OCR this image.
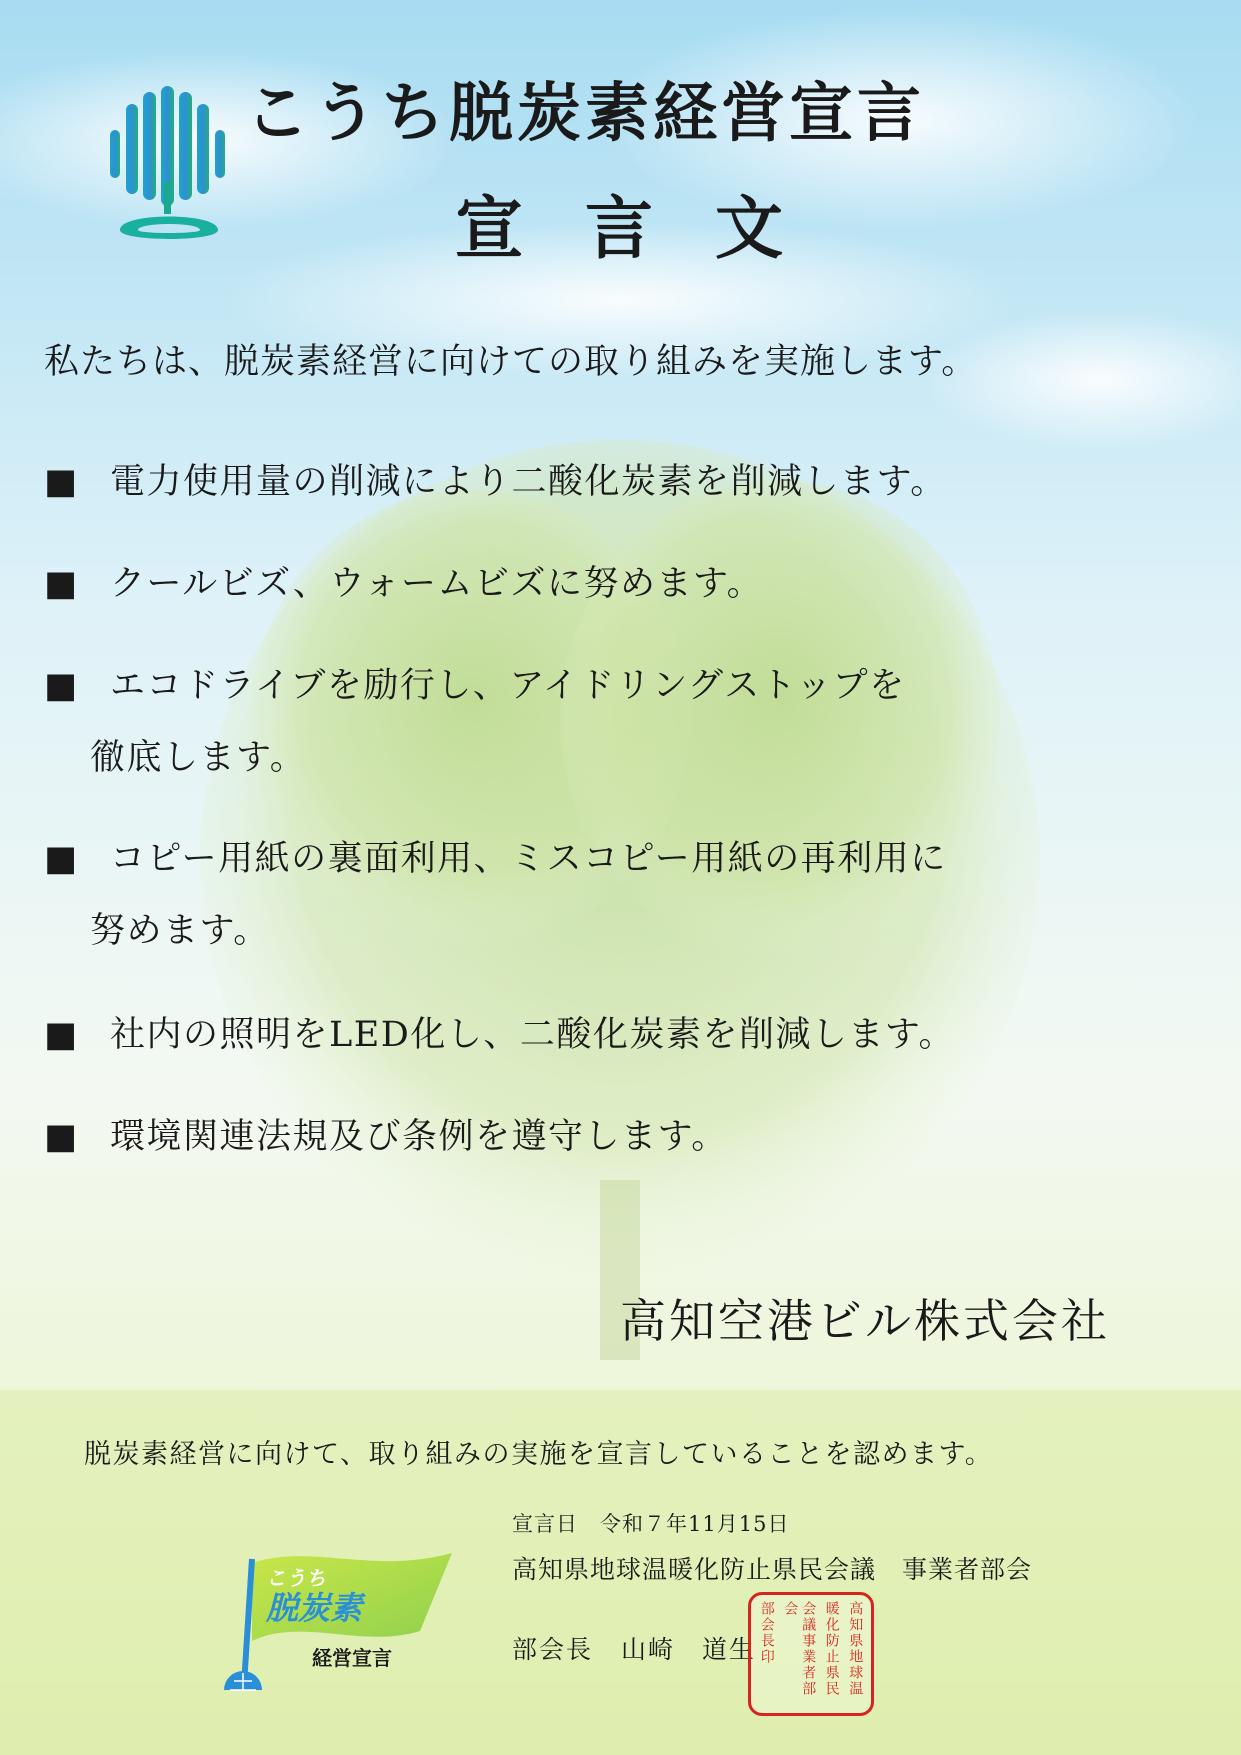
こうち脱炭素経営宣言
宣言文
私たちは、脱炭素経営に向けての取り組みを実施します。
■ 電力使用量の削減により二酸化炭素を削減します。
■ クールビズ、ウォームビズに努めます。
■ エコドライブを励行し、アイドリングストップを
徹底します。
■ コピー用紙の裏面利用、ミスコピー用紙の再利用に
努めます。
■ 社内の照明をLED化し、二酸化炭素を削減します。
■ 環境関連法規及び条例を遵守します。
高知空港ビル株式会社
脱炭素経営に向けて、取り組みの実施を宣言していることを認めます。
宣言日　令和７年11月15日
高知県地球温暖化防止県民会議　事業者部会
部会長 山崎　道生	高知県地球温
暖化防止県民
会議事業者部会
部会長印
こうち
脱炭素
経営宣言
